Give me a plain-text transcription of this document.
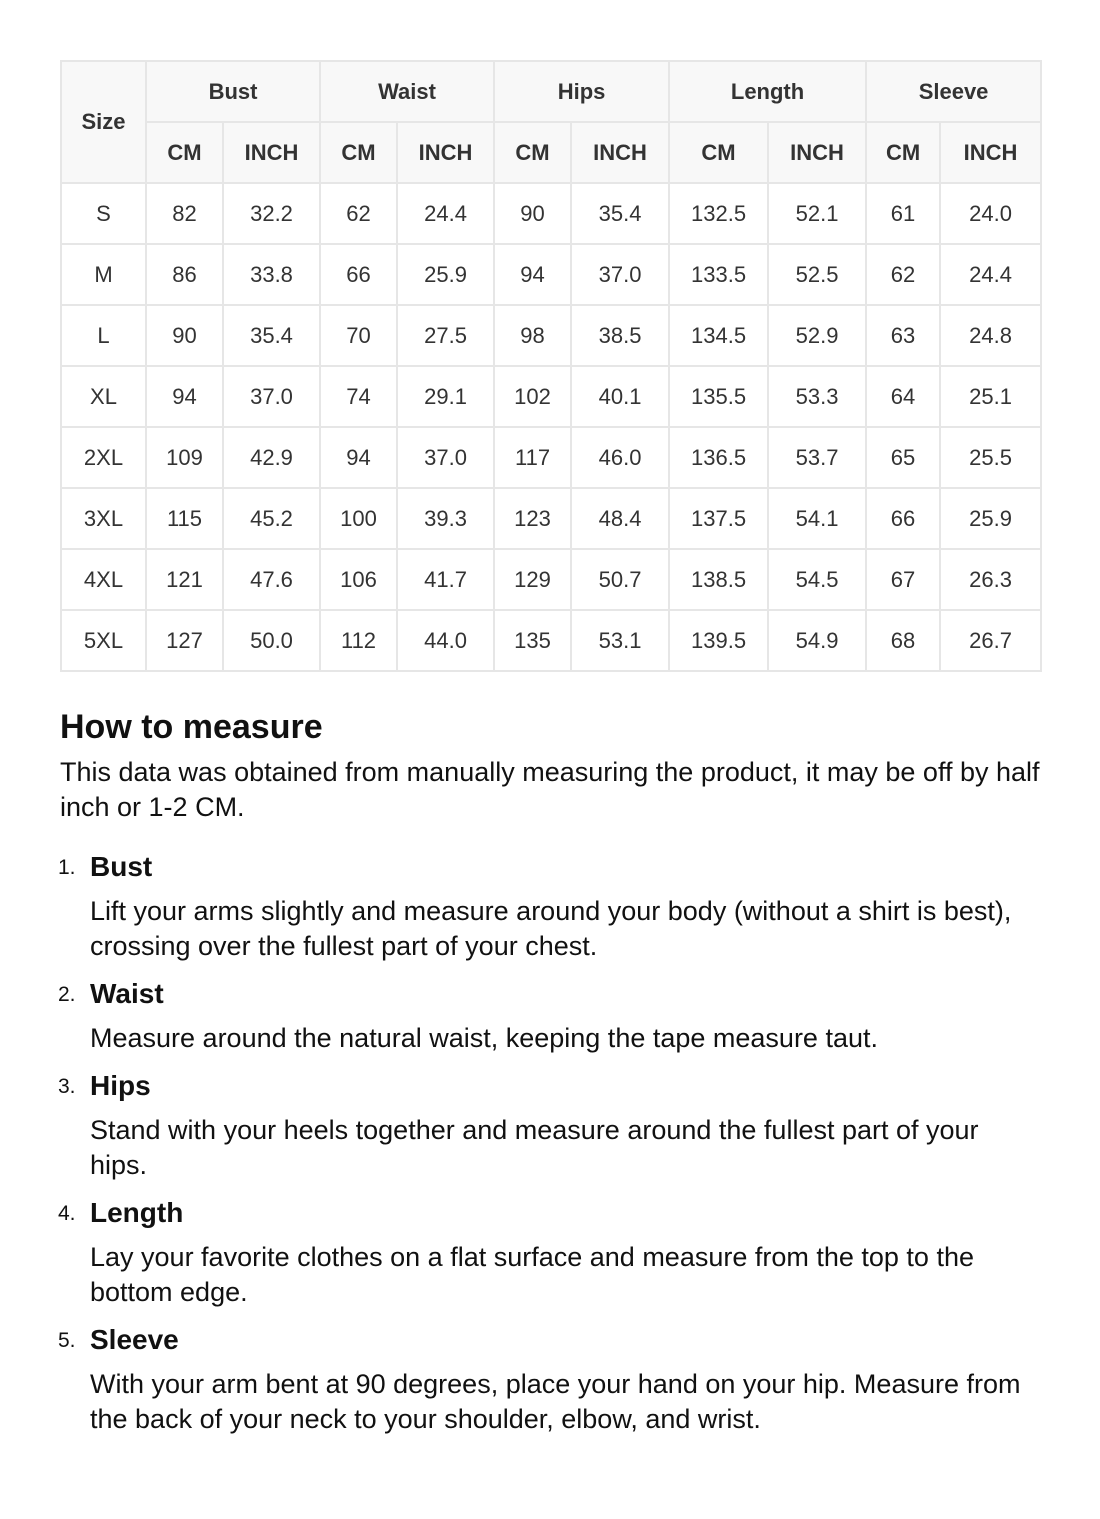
Size	Bust		Waist		Hips		Length		Sleeve	
	CM	INCH	CM	INCH	CM	INCH	CM	INCH	CM	INCH
S	82	32.2	62	24.4	90	35.4	132.5	52.1	61	24.0
M	86	33.8	66	25.9	94	37.0	133.5	52.5	62	24.4
L	90	35.4	70	27.5	98	38.5	134.5	52.9	63	24.8
XL	94	37.0	74	29.1	102	40.1	135.5	53.3	64	25.1
2XL	109	42.9	94	37.0	117	46.0	136.5	53.7	65	25.5
3XL	115	45.2	100	39.3	123	48.4	137.5	54.1	66	25.9
4XL	121	47.6	106	41.7	129	50.7	138.5	54.5	67	26.3
5XL	127	50.0	112	44.0	135	53.1	139.5	54.9	68	26.7
How to measure

This data was obtained from manually measuring the product, it may be off by half inch or 1-2 CM.

1. Bust
Lift your arms slightly and measure around your body (without a shirt is best), crossing over the fullest part of your chest.
2. Waist
Measure around the natural waist, keeping the tape measure taut.
3. Hips
Stand with your heels together and measure around the fullest part of your hips.
4. Length
Lay your favorite clothes on a flat surface and measure from the top to the bottom edge.
5. Sleeve
With your arm bent at 90 degrees, place your hand on your hip. Measure from the back of your neck to your shoulder, elbow, and wrist.
